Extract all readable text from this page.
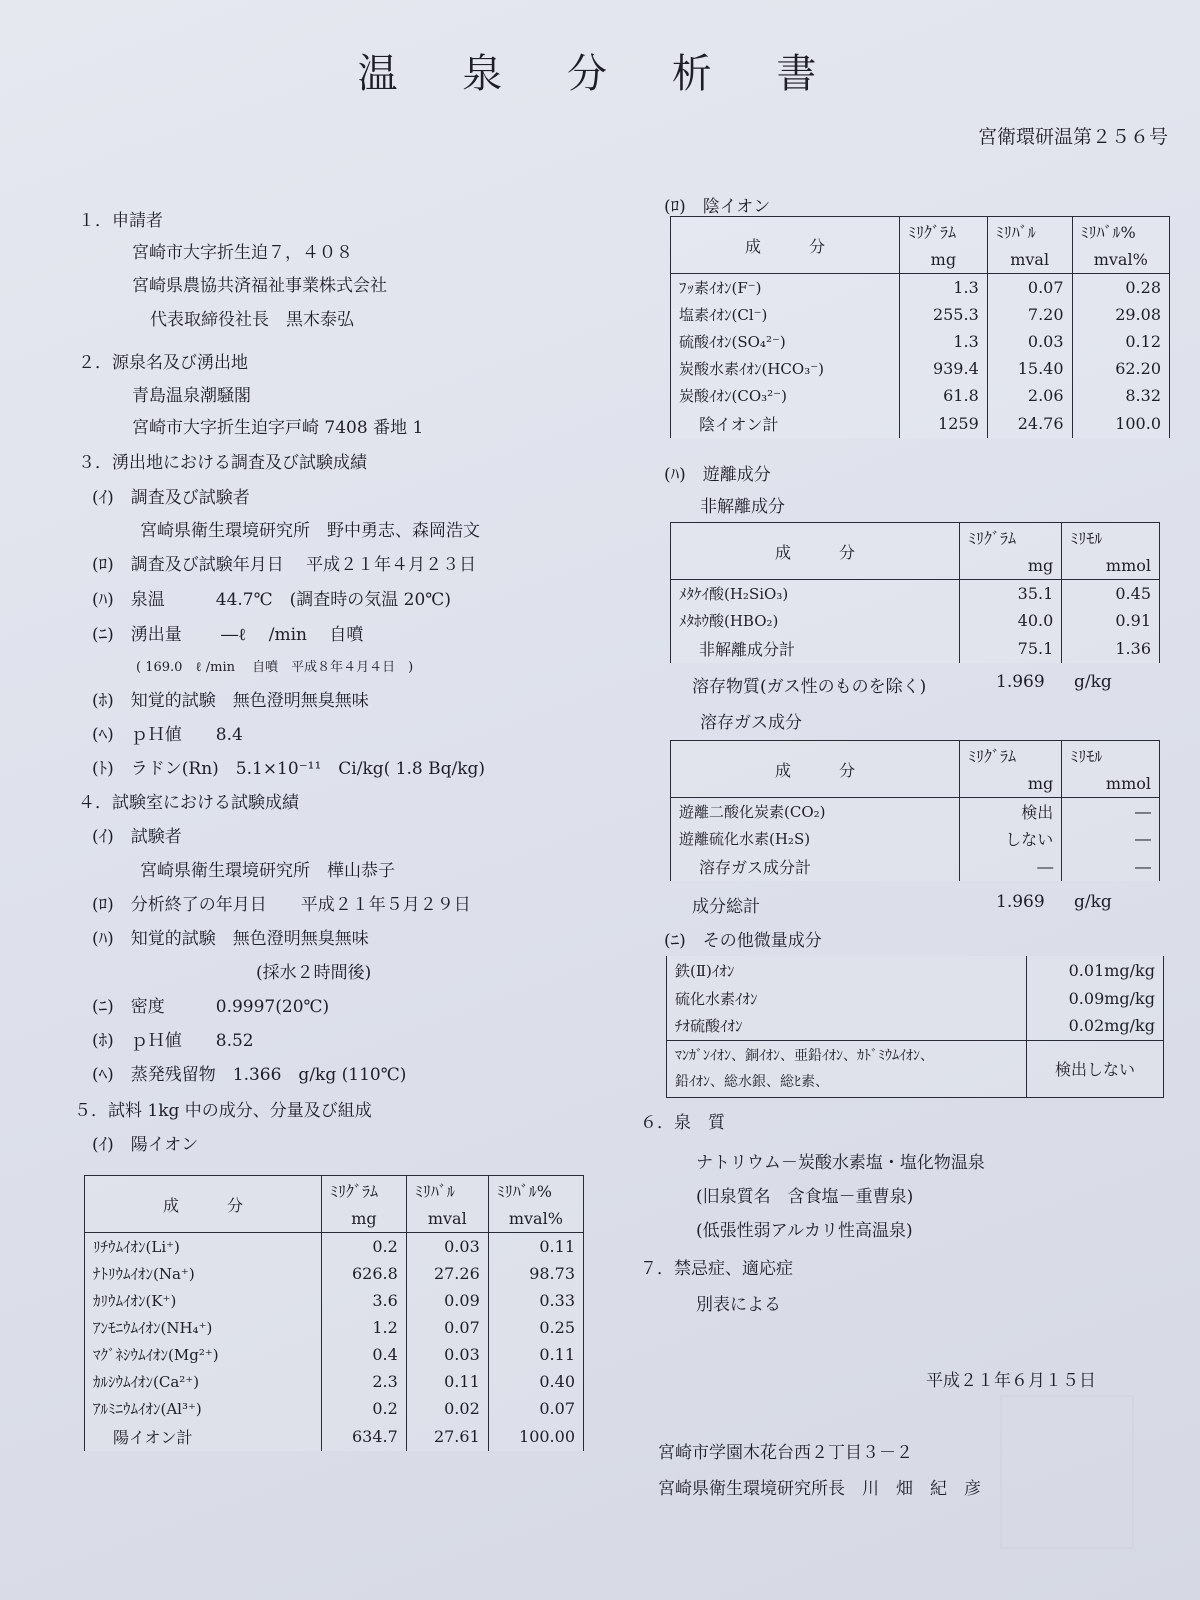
温 泉 分 析 書
宮衛環研温第２５６号
１．申請者
宮崎市大字折生迫７，４０８
宮崎県農協共済福祉事業株式会社
代表取締役社長　黒木泰弘
２．源泉名及び湧出地
青島温泉潮騒閣
宮崎市大字折生迫字戸崎 7408 番地 1
３．湧出地における調査及び試験成績
(ｲ)　調査及び試験者
宮崎県衛生環境研究所　野中勇志、森岡浩文
(ﾛ)　調査及び試験年月日　 平成２１年４月２３日
(ﾊ)　泉温　　　44.7℃　(調査時の気温 20℃)
(ﾆ)　湧出量　　 ―ℓ　 /min　 自噴
( 169.0　ℓ /min　 自噴　平成８年４月４日　)
(ﾎ)　知覚的試験　無色澄明無臭無味
(ﾍ)　ｐＨ値　　8.4
(ﾄ)　ラドン(Rn)　5.1×10⁻¹¹　Ci/kg( 1.8 Bq/kg)
４．試験室における試験成績
(ｲ)　試験者
宮崎県衛生環境研究所　樺山恭子
(ﾛ)　分析終了の年月日　　平成２１年５月２９日
(ﾊ)　知覚的試験　無色澄明無臭無味
(採水２時間後)
(ﾆ)　密度　　　0.9997(20℃)
(ﾎ)　ｐＨ値　　8.52
(ﾍ)　蒸発残留物　1.366　g/kg (110℃)
５．試料 1kg 中の成分、分量及び組成
(ｲ)　陽イオン
成　　　分	ﾐﾘｸﾞﾗﾑ	ﾐﾘﾊﾞﾙ	ﾐﾘﾊﾞﾙ%
	mg	mval	mval%
ﾘﾁｳﾑｲｵﾝ(Li⁺)	0.2	0.03	0.11
ﾅﾄﾘｳﾑｲｵﾝ(Na⁺)	626.8	27.26	98.73
ｶﾘｳﾑｲｵﾝ(K⁺)	3.6	0.09	0.33
ｱﾝﾓﾆｳﾑｲｵﾝ(NH₄⁺)	1.2	0.07	0.25
ﾏｸﾞﾈｼｳﾑｲｵﾝ(Mg²⁺)	0.4	0.03	0.11
ｶﾙｼｳﾑｲｵﾝ(Ca²⁺)	2.3	0.11	0.40
ｱﾙﾐﾆｳﾑｲｵﾝ(Al³⁺)	0.2	0.02	0.07
陽イオン計	634.7	27.61	100.00
(ﾛ)　陰イオン
成　　　分	ﾐﾘｸﾞﾗﾑ	ﾐﾘﾊﾞﾙ	ﾐﾘﾊﾞﾙ%
	mg	mval	mval%
ﾌｯ素ｲｵﾝ(F⁻)	1.3	0.07	0.28
塩素ｲｵﾝ(Cl⁻)	255.3	7.20	29.08
硫酸ｲｵﾝ(SO₄²⁻)	1.3	0.03	0.12
炭酸水素ｲｵﾝ(HCO₃⁻)	939.4	15.40	62.20
炭酸ｲｵﾝ(CO₃²⁻)	61.8	2.06	8.32
陰イオン計	1259	24.76	100.0
(ﾊ)　遊離成分
非解離成分
成　　　分	ﾐﾘｸﾞﾗﾑ	ﾐﾘﾓﾙ
	mg	mmol
ﾒﾀｹｲ酸(H₂SiO₃)	35.1	0.45
ﾒﾀﾎｳ酸(HBO₂)	40.0	0.91
非解離成分計	75.1	1.36
溶存物質(ガス性のものを除く)	1.969 g/kg
溶存ガス成分
成　　　分	ﾐﾘｸﾞﾗﾑ	ﾐﾘﾓﾙ
	mg	mmol
遊離二酸化炭素(CO₂)	検出	―
遊離硫化水素(H₂S)	しない	―
溶存ガス成分計	―	―
成分総計	1.969 g/kg
(ﾆ)　その他微量成分
鉄(Ⅱ)ｲｵﾝ	0.01mg/kg
硫化水素ｲｵﾝ	0.09mg/kg
ﾁｵ硫酸ｲｵﾝ	0.02mg/kg
ﾏﾝｶﾞﾝｲｵﾝ、銅ｲｵﾝ、亜鉛ｲｵﾝ、ｶﾄﾞﾐｳﾑｲｵﾝ、
鉛ｲｵﾝ、総水銀、総ﾋ素、	検出しない
６．泉　質
ナトリウム－炭酸水素塩・塩化物温泉
(旧泉質名　含食塩－重曹泉)
(低張性弱アルカリ性高温泉)
７．禁忌症、適応症
別表による
平成２１年６月１５日
宮崎市学園木花台西２丁目３－２
宮崎県衛生環境研究所長　川　畑　紀　彦
